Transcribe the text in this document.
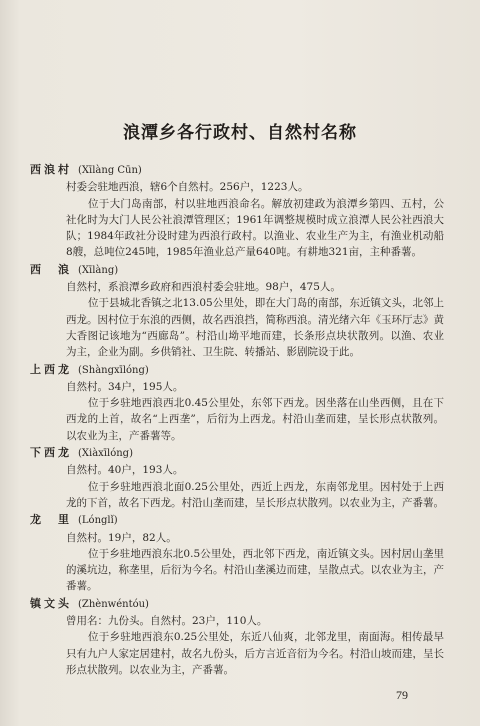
浪潭乡各行政村、自然村名称
西浪村 (Xīlàng Cūn)
村委会驻地西浪，辖6个自然村。256户，1223人。
位于大门岛南部，村以驻地西浪命名。解放初建政为浪潭乡第四、五村，公社化时为大门人民公社浪潭管理区；1961年调整规模时成立浪潭人民公社西浪大队；1984年政社分设时建为西浪行政村。以渔业、农业生产为主，有渔业机动船8艘，总吨位245吨，1985年渔业总产量640吨。有耕地321亩，主种番薯。
西　浪 (Xīlàng)
自然村，系浪潭乡政府和西浪村委会驻地。98户，475人。
位于县城北香镇之北13.05公里处，即在大门岛的南部，东近镇文头，北邻上西龙。因村位于东浪的西侧，故名西浪挡，简称西浪。清光绪六年《玉环厅志》黄大香图记该地为“西廊岛”。村沿山坳平地而建，长条形点块状散列。以渔、农业为主，企业为副。乡供销社、卫生院、转播站、影剧院设于此。
上西龙 (Shàngxīlóng)
自然村。34户，195人。
位于乡驻地西浪西北0.45公里处，东邻下西龙。因坐落在山坐西侧，且在下西龙的上首，故名“上西垄”，后衍为上西龙。村沿山垄而建，呈长形点状散列。以农业为主，产番薯等。
下西龙 (Xiàxīlóng)
自然村。40户，193人。
位于乡驻地西浪北面0.25公里处，西近上西龙，东南邻龙里。因村处于上西龙的下首，故名下西龙。村沿山垄而建，呈长形点状散列。以农业为主，产番薯。
龙　里 (Lónglǐ)
自然村。19户，82人。
位于乡驻地西浪东北0.5公里处，西北邻下西龙，南近镇文头。因村居山垄里的溪坑边，称垄里，后衍为今名。村沿山垄溪边而建，呈散点式。以农业为主，产番薯。
镇文头 (Zhènwéntóu)
曾用名：九份头。自然村。23户，110人。
位于乡驻地西浪东0.25公里处，东近八仙爽，北邻龙里，南面海。相传最早只有九户人家定居建村，故名九份头，后方言近音衍为今名。村沿山坡而建，呈长形点状散列。以农业为主，产番薯。
79
